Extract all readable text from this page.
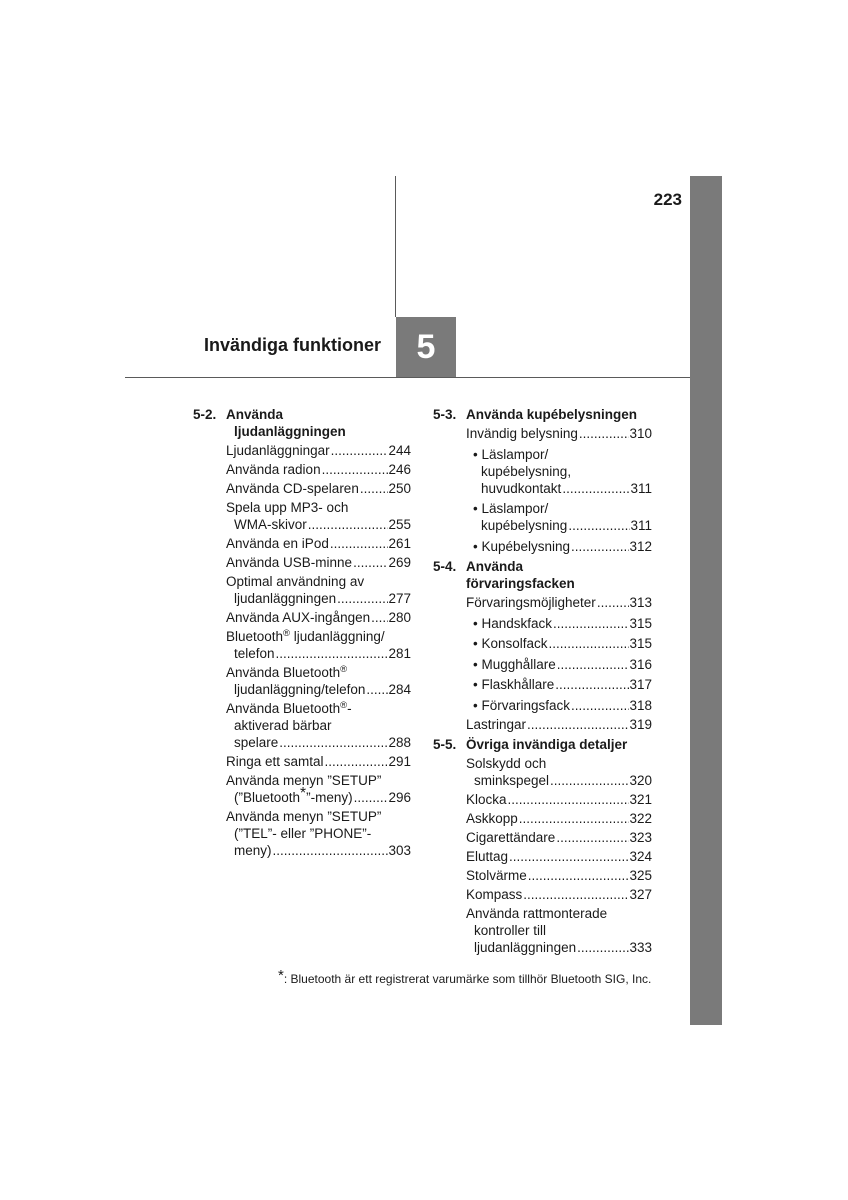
223
Invändiga funktioner 5
5-2. Använda
ljudanläggningen
Ljudanläggningar .....	244
Använda radion .....	246
Använda CD-spelaren ..... 250
Spela upp MP3- och
WMA-skivor .....	255
Använda en iPod .....	261
Använda USB-minne .....	269
Optimal användning av
ljudanläggningen .....	277
Använda AUX-ingången ..... 280
Bluetooth® ljudanläggning/
telefon .....	281
Använda Bluetooth®
ljudanläggning/telefon ..... 284
Använda Bluetooth®-
aktiverad bärbar
spelare .....	288
Ringa ett samtal .....	291
Använda menyn ”SETUP”
(”Bluetooth*”-meny) .....	296
Använda menyn ”SETUP”
(”TEL”- eller ”PHONE”-
meny) .....	303
5-3. Använda kupébelysningen
Invändig belysning .....	310
• Läslampor/
kupébelysning,
huvudkontakt .....	311
• Läslampor/
kupébelysning .....	311
• Kupébelysning .....	312
5-4. Använda
förvaringsfacken
Förvaringsmöjligheter ..... 313
• Handskfack .....	315
• Konsolfack .....	315
• Mugghållare .....	316
• Flaskhållare .....	317
• Förvaringsfack .....	318
Lastringar .....	319
5-5. Övriga invändiga detaljer
Solskydd och
sminkspegel .....	320
Klocka .....	321
Askkopp .....	322
Cigarettändare .....	323
Eluttag .....	324
Stolvärme .....	325
Kompass .....	327
Använda rattmonterade
kontroller till
ljudanläggningen .....	333
*: Bluetooth är ett registrerat varumärke som tillhör Bluetooth SIG, Inc.
